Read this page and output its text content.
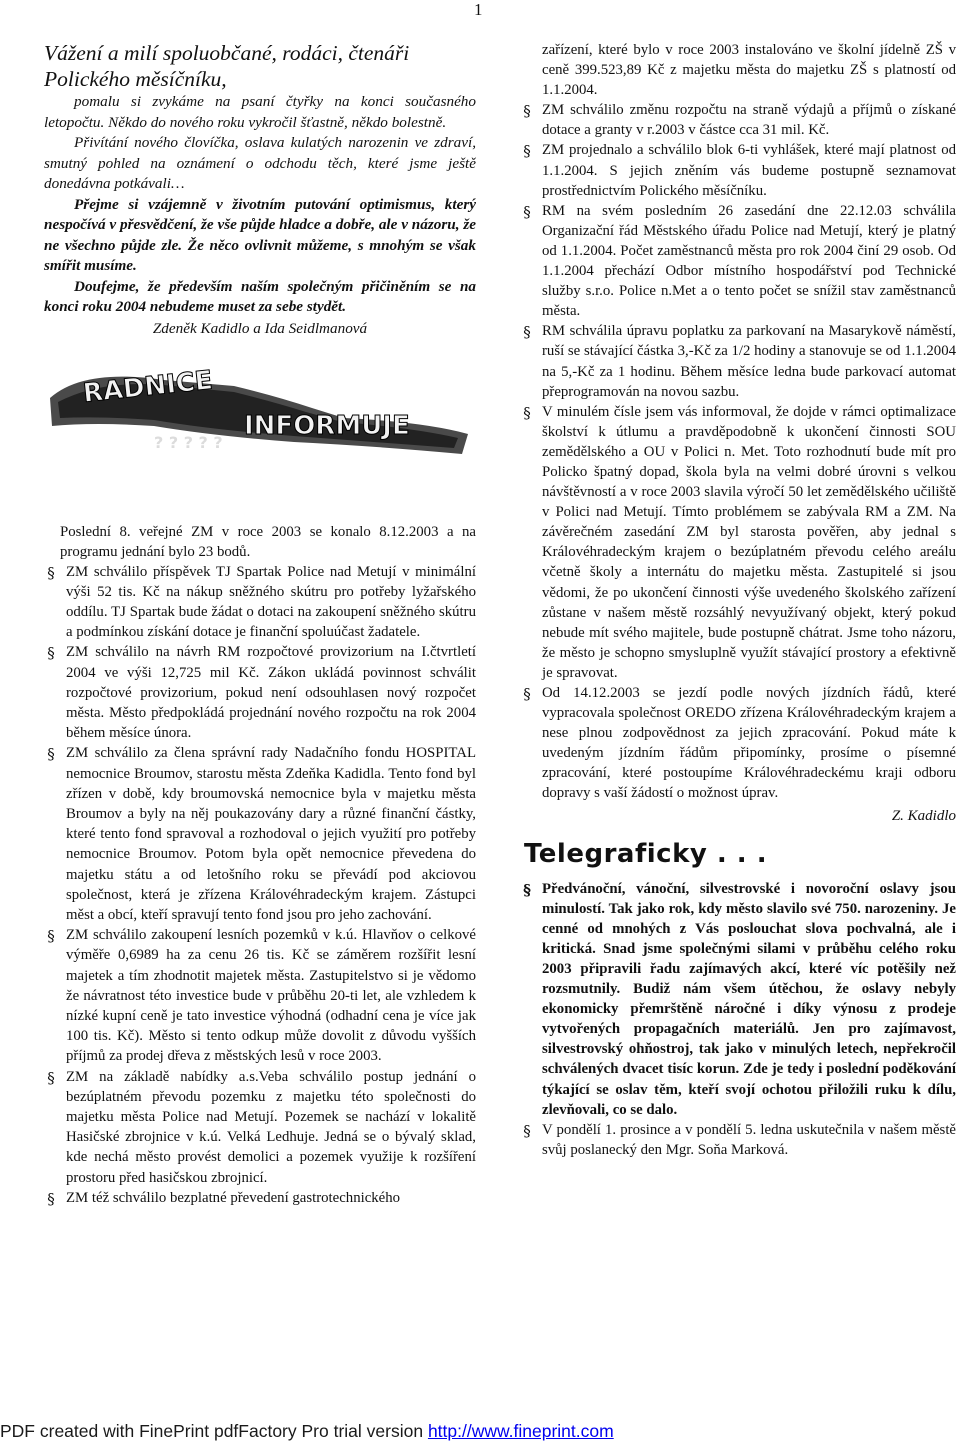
1

Vážení a milí spoluobčané, rodáci, čtenáři Polického měsíčníku,

pomalu si zvykáme na psaní čtyřky na konci současného letopočtu. Někdo do nového roku vykročil šťastně, někdo bolestně.

Přivítání nového človíčka, oslava kulatých narozenin ve zdraví, smutný pohled na oznámení o odchodu těch, které jsme ještě donedávna potkávali…

Přejme si vzájemně v životním putování optimismus, který nespočívá v přesvědčení, že vše půjde hladce a dobře, ale v názoru, že ne všechno půjde zle. Že něco ovlivnit můžeme, s mnohým se však smířit musíme.

Doufejme, že především naším společným přičiněním se na konci roku 2004 nebudeme muset za sebe stydět.

Zdeněk Kadidlo a Ida Seidlmanová

RADNICE
INFORMUJE
? ? ? ? ?

Poslední 8. veřejné ZM v roce 2003 se konalo 8.12.2003 a na programu jednání bylo 23 bodů.

§ ZM schválilo příspěvek TJ Spartak Police nad Metují v minimální výši 52 tis. Kč na nákup sněžného skútru pro potřeby lyžařského oddílu. TJ Spartak bude žádat o dotaci na zakoupení sněžného skútru a podmínkou získání dotace je finanční spoluúčast žadatele.
§ ZM schválilo na návrh RM rozpočtové provizorium na I.čtvrtletí 2004 ve výši 12,725 mil Kč. Zákon ukládá povinnost schválit rozpočtové provizorium, pokud není odsouhlasen nový rozpočet města. Město předpokládá projednání nového rozpočtu na rok 2004 během měsíce února.
§ ZM schválilo za člena správní rady Nadačního fondu HOSPITAL nemocnice Broumov, starostu města Zdeňka Kadidla. Tento fond byl zřízen v době, kdy broumovská nemocnice byla v majetku města Broumov a byly na něj poukazovány dary a různé finanční částky, které tento fond spravoval a rozhodoval o jejich využití pro potřeby nemocnice Broumov. Potom byla opět nemocnice převedena do majetku státu a od letošního roku se převádí pod akciovou společnost, která je zřízena Královéhradeckým krajem. Zástupci měst a obcí, kteří spravují tento fond jsou pro jeho zachování.
§ ZM schválilo zakoupení lesních pozemků v k.ú. Hlavňov o celkové výměře 0,6989 ha za cenu 26 tis. Kč se záměrem rozšířit lesní majetek a tím zhodnotit majetek města. Zastupitelstvo si je vědomo že návratnost této investice bude v průběhu 20-ti let, ale vzhledem k nízké kupní ceně je tato investice výhodná (odhadní cena je více jak 100 tis. Kč). Město si tento odkup může dovolit z důvodu vyšších příjmů za prodej dřeva z městských lesů v roce 2003.
§ ZM na základě nabídky a.s.Veba schválilo postup jednání o bezúplatném převodu pozemku z majetku této společnosti do majetku města Police nad Metují. Pozemek se nachází v lokalitě Hasičské zbrojnice v k.ú. Velká Ledhuje. Jedná se o bývalý sklad, kde nechá město provést demolici a pozemek využije k rozšíření prostoru před hasičskou zbrojnicí.
§ ZM též schválilo bezplatné převedení gastrotechnického
zařízení, které bylo v roce 2003 instalováno ve školní jídelně ZŠ v ceně 399.523,89 Kč z majetku města do majetku ZŠ s platností od 1.1.2004.
§ ZM schválilo změnu rozpočtu na straně výdajů a příjmů o získané dotace a granty v r.2003 v částce cca 31 mil. Kč.
§ ZM projednalo a schválilo blok 6-ti vyhlášek, které mají platnost od 1.1.2004. S jejich zněním vás budeme postupně seznamovat prostřednictvím Polického měsíčníku.
§ RM na svém posledním 26 zasedání dne 22.12.03 schválila Organizační řád Městského úřadu Police nad Metují, který je platný od 1.1.2004. Počet zaměstnanců města pro rok 2004 činí 29 osob. Od 1.1.2004 přechází Odbor místního hospodářství pod Technické služby s.r.o. Police n.Met a o tento počet se snížil stav zaměstnanců města.
§ RM schválila úpravu poplatku za parkovaní na Masarykově náměstí, ruší se stávající částka 3,-Kč za 1/2 hodiny a stanovuje se od 1.1.2004 na 5,-Kč za 1 hodinu. Během měsíce ledna bude parkovací automat přeprogramován na novou sazbu.
§ V minulém čísle jsem vás informoval, že dojde v rámci optimalizace školství k útlumu a pravděpodobně k ukončení činnosti SOU zemědělského a OU v Polici n. Met. Toto rozhodnutí bude mít pro Policko špatný dopad, škola byla na velmi dobré úrovni s velkou návštěvností a v roce 2003 slavila výročí 50 let zemědělského učiliště v Polici nad Metují. Tímto problémem se zabývala RM a ZM. Na závěrečném zasedání ZM byl starosta pověřen, aby jednal s Královéhradeckým krajem o bezúplatném převodu celého areálu včetně školy a internátu do majetku města. Zastupitelé si jsou vědomi, že po ukončení činnosti výše uvedeného školského zařízení zůstane v našem městě rozsáhlý nevyužívaný objekt, který pokud nebude mít svého majitele, bude postupně chátrat. Jsme toho názoru, že město je schopno smysluplně využít stávající prostory a efektivně je spravovat.
§ Od 14.12.2003 se jezdí podle nových jízdních řádů, které vypracovala společnost OREDO zřízena Královéhradeckým krajem a nese plnou zodpovědnost za jejich zpracování. Pokud máte k uvedeným jízdním řádům připomínky, prosíme o písemné zpracování, které postoupíme Královéhradeckému kraji odboru dopravy s vaší žádostí o možnost úprav.

Z. Kadidlo

Telegraficky . . .
§ Předvánoční, vánoční, silvestrovské i novoroční oslavy jsou minulostí. Tak jako rok, kdy město slavilo své 750. narozeniny. Je cenné od mnohých z Vás poslouchat slova pochvalná, ale i kritická. Snad jsme společnými silami v průběhu celého roku 2003 připravili řadu zajímavých akcí, které víc potěšily než rozsmutnily. Budiž nám všem útěchou, že oslavy nebyly ekonomicky přemrštěně náročné i díky výnosu z prodeje vytvořených propagačních materiálů. Jen pro zajímavost, silvestrovský ohňostroj, tak jako v minulých letech, nepřekročil schválených dvacet tisíc korun. Zde je tedy i poslední poděkování týkající se oslav těm, kteří svojí ochotou přiložili ruku k dílu, zlevňovali, co se dalo.
§ V pondělí 1. prosince a v pondělí 5. ledna uskutečnila v našem městě svůj poslanecký den Mgr. Soňa Marková.
PDF created with FinePrint pdfFactory Pro trial version http://www.fineprint.com
